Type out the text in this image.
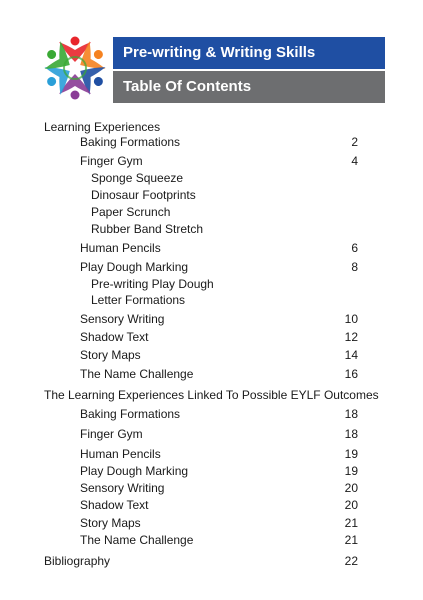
Pre-writing & Writing Skills
Table Of Contents
Learning Experiences
Baking Formations	2
Finger Gym	4
Sponge Squeeze
Dinosaur Footprints
Paper Scrunch
Rubber Band Stretch
Human Pencils	6
Play Dough Marking	8
Pre-writing Play Dough
Letter Formations
Sensory Writing	10
Shadow Text	12
Story Maps	14
The Name Challenge	16
The Learning Experiences Linked To Possible EYLF Outcomes
Baking Formations	18
Finger Gym	18
Human Pencils	19
Play Dough Marking	19
Sensory Writing	20
Shadow Text	20
Story Maps	21
The Name Challenge	21
Bibliography	22
